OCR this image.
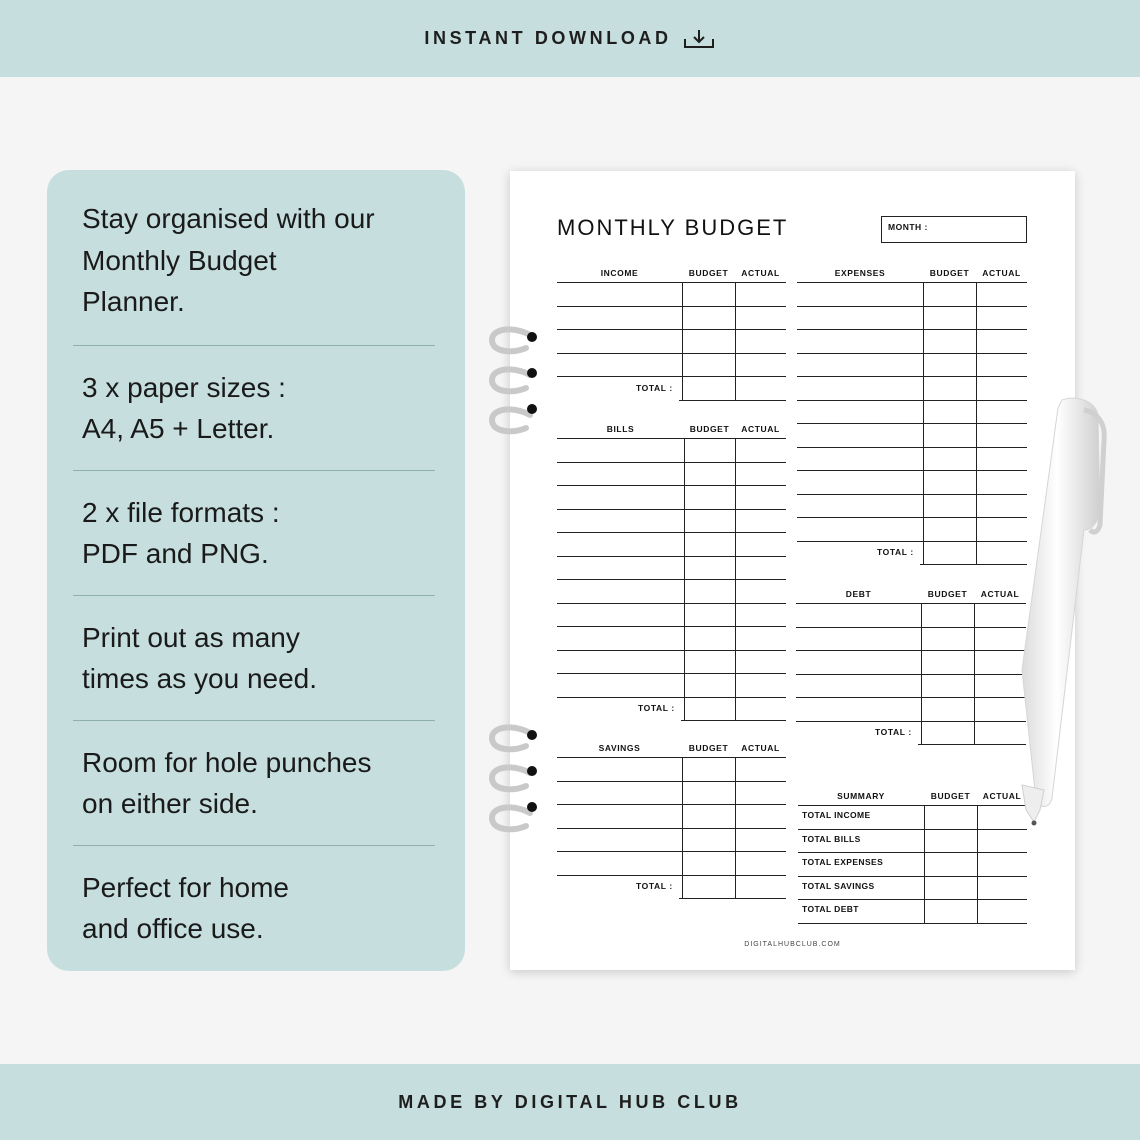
INSTANT DOWNLOAD
Stay organised with our
Monthly Budget
Planner.
3 x paper sizes :
A4, A5 + Letter.
2 x file formats :
PDF and PNG.
Print out as many
times as you need.
Room for hole punches
on either side.
Perfect for home
and office use.
MONTHLY BUDGET	MONTH :
DIGITALHUBCLUB.COM
INCOME	BUDGET	ACTUAL
TOTAL :
BILLS	BUDGET	ACTUAL
TOTAL :
SAVINGS	BUDGET	ACTUAL
TOTAL :
EXPENSES	BUDGET	ACTUAL
TOTAL :
DEBT	BUDGET	ACTUAL
TOTAL :
SUMMARY	BUDGET	ACTUAL
TOTAL INCOME
TOTAL BILLS
TOTAL EXPENSES
TOTAL SAVINGS
TOTAL DEBT
MADE BY DIGITAL HUB CLUB
